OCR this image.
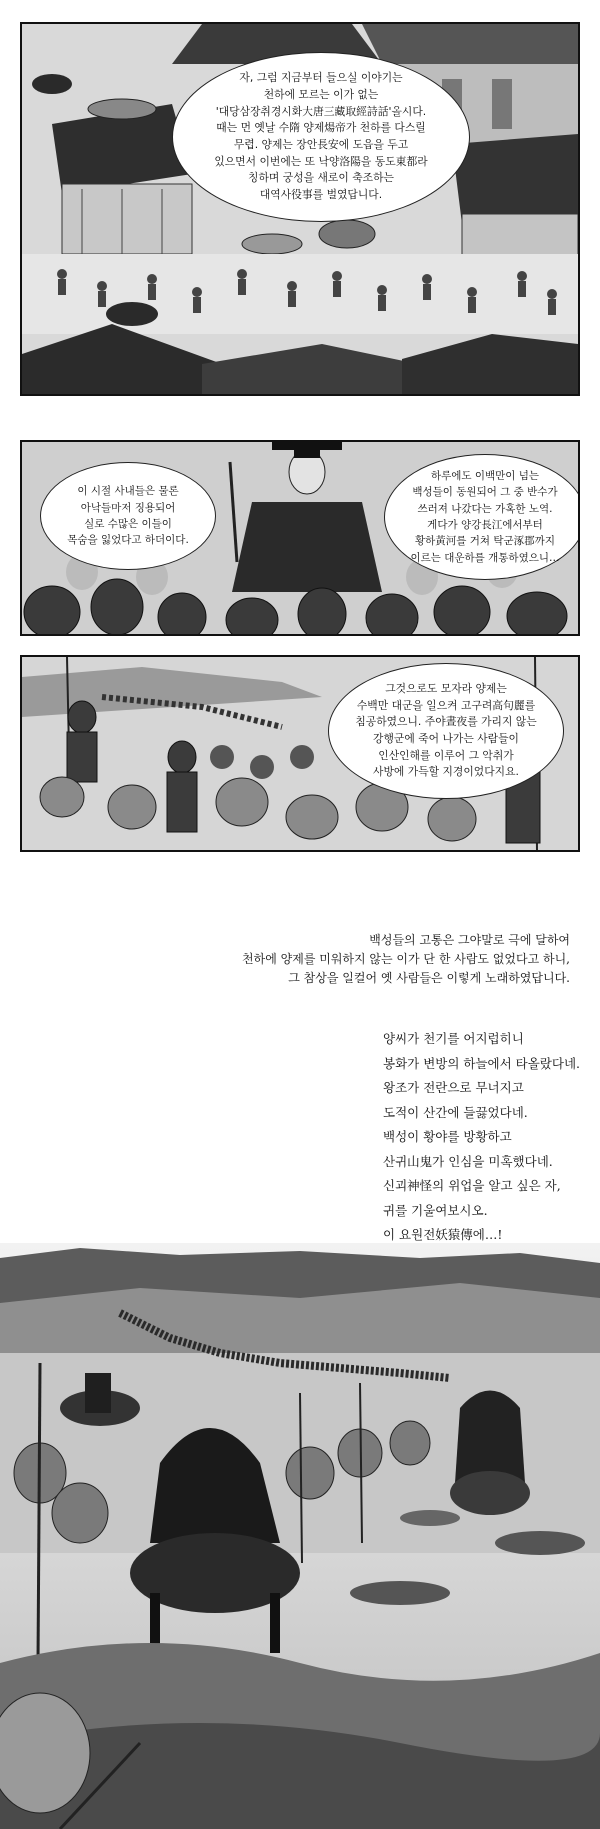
자, 그럼 지금부터 들으실 이야기는
천하에 모르는 이가 없는
'대당삼장취경시화大唐三藏取經詩話'올시다.
때는 먼 옛날 수隋 양제煬帝가 천하를 다스릴
무렵. 양제는 장안長安에 도읍을 두고
있으면서 이번에는 또 낙양洛陽을 동도東都라
칭하며 궁성을 새로이 축조하는
대역사役事를 벌였답니다.
이 시절 사내들은 물론
아낙들마저 징용되어
실로 수많은 이들이
목숨을 잃었다고 하더이다.
하루에도 이백만이 넘는
백성들이 동원되어 그 중 반수가
쓰러져 나갔다는 가혹한 노역.
게다가 양강長江에서부터
황하黃河를 거쳐 탁군涿郡까지
이르는 대운하를 개통하였으니…
그것으로도 모자라 양제는
수백만 대군을 일으켜 고구려高句麗를
침공하였으니. 주야晝夜를 가리지 않는
강행군에 죽어 나가는 사람들이
인산인해를 이루어 그 악취가
사방에 가득할 지경이었다지요.
백성들의 고통은 그야말로 극에 달하여
천하에 양제를 미워하지 않는 이가 단 한 사람도 없었다고 하니,
그 참상을 일컬어 옛 사람들은 이렇게 노래하였답니다.
양씨가 천기를 어지럽히니
봉화가 변방의 하늘에서 타올랐다네.
왕조가 전란으로 무너지고
도적이 산간에 들끓었다네.
백성이 황야를 방황하고
산귀山鬼가 인심을 미혹했다네.
신괴神怪의 위업을 알고 싶은 자,
귀를 기울여보시오.
이 요원전妖猿傳에…!
